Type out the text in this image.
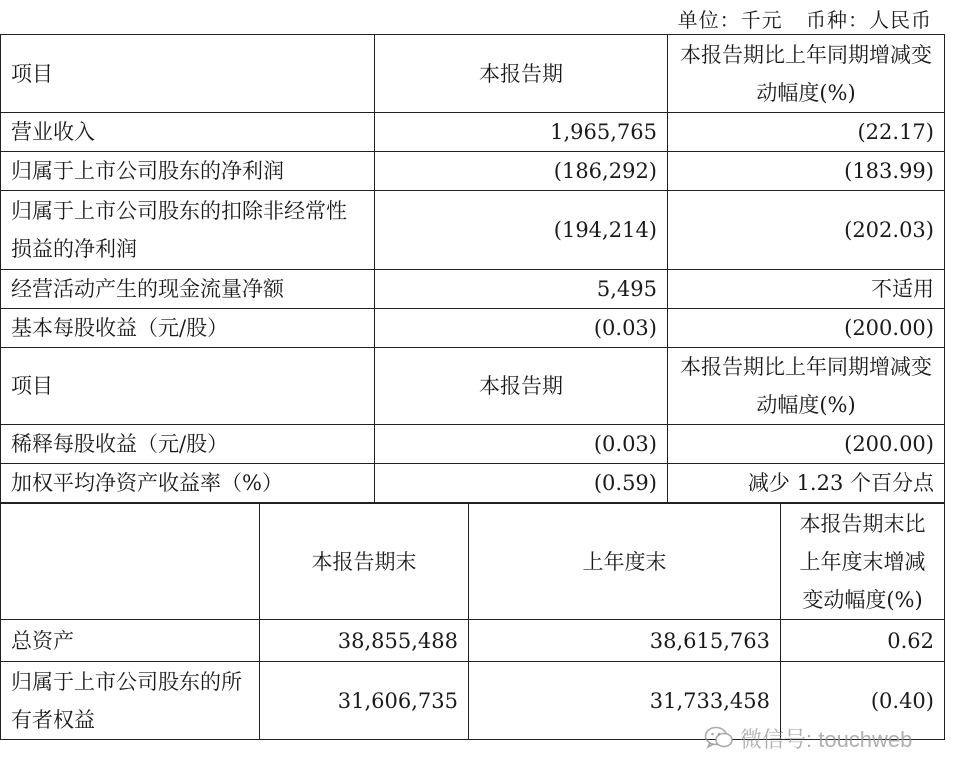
单位：千元 币种：人民币
项目	本报告期	本报告期比上年同期增减变动幅度(%)
营业收入	1,965,765	(22.17)
归属于上市公司股东的净利润	(186,292)	(183.99)
归属于上市公司股东的扣除非经常性损益的净利润	(194,214)	(202.03)
经营活动产生的现金流量净额	5,495	不适用
基本每股收益（元/股）	(0.03)	(200.00)
项目	本报告期	本报告期比上年同期增减变动幅度(%)
稀释每股收益（元/股）	(0.03)	(200.00)
加权平均净资产收益率（%）	(0.59)	减少 1.23 个百分点
	本报告期末	上年度末	本报告期末比上年度末增减变动幅度(%)
总资产	38,855,488	38,615,763	0.62
归属于上市公司股东的所有者权益	31,606,735	31,733,458	(0.40)
微信号: touchweb
